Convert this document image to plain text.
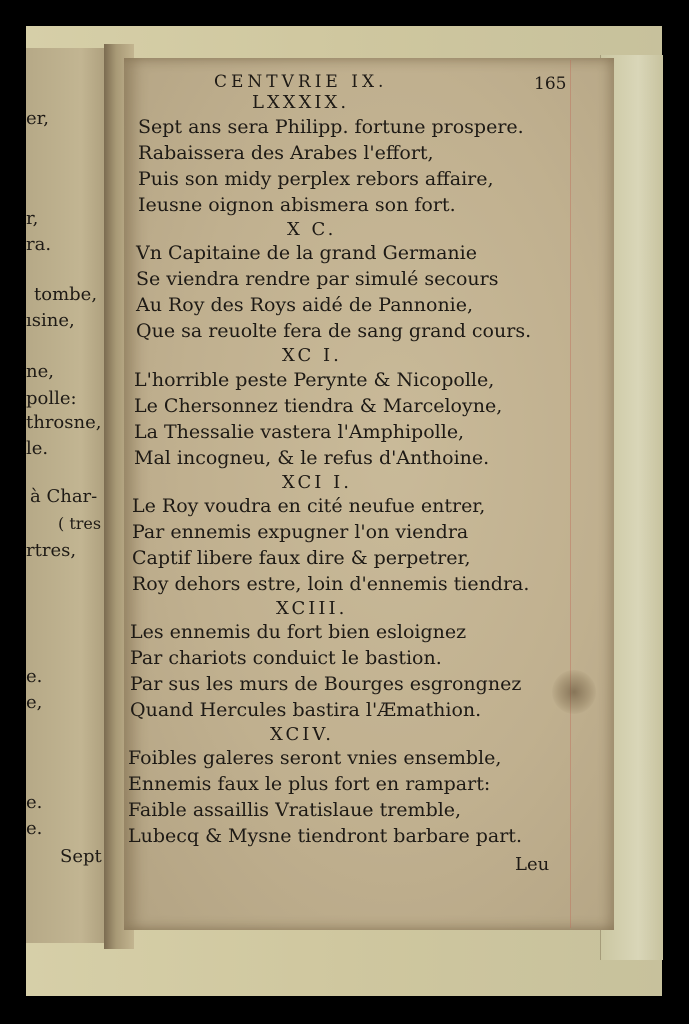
er,
r,
ra.
tombe,
ısine,
ne,
polle:
throsne,
le.
à Char-
( tres
rtres,
e.
e,
e.
e.
Sept
CENTVRIE IX.	165
LXXXIX.
Sept ans sera Philipp. fortune prospere.
Rabaissera des Arabes l'effort,
Puis son midy perplex rebors affaire,
Ieusne oignon abismera son fort.
X C.
Vn Capitaine de la grand Germanie
Se viendra rendre par simulé secours
Au Roy des Roys aidé de Pannonie,
Que sa reuolte fera de sang grand cours.
XC I.
L'horrible peste Perynte & Nicopolle,
Le Chersonnez tiendra & Marceloyne,
La Thessalie vastera l'Amphipolle,
Mal incogneu, & le refus d'Anthoine.
XCI I.
Le Roy voudra en cité neufue entrer,
Par ennemis expugner l'on viendra
Captif libere faux dire & perpetrer,
Roy dehors estre, loin d'ennemis tiendra.
XCIII.
Les ennemis du fort bien esloignez
Par chariots conduict le bastion.
Par sus les murs de Bourges esgrongnez
Quand Hercules bastira l'Æmathion.
XCIV.
Foibles galeres seront vnies ensemble,
Ennemis faux le plus fort en rampart:
Faible assaillis Vratislaue tremble,
Lubecq & Mysne tiendront barbare part.
Leu
